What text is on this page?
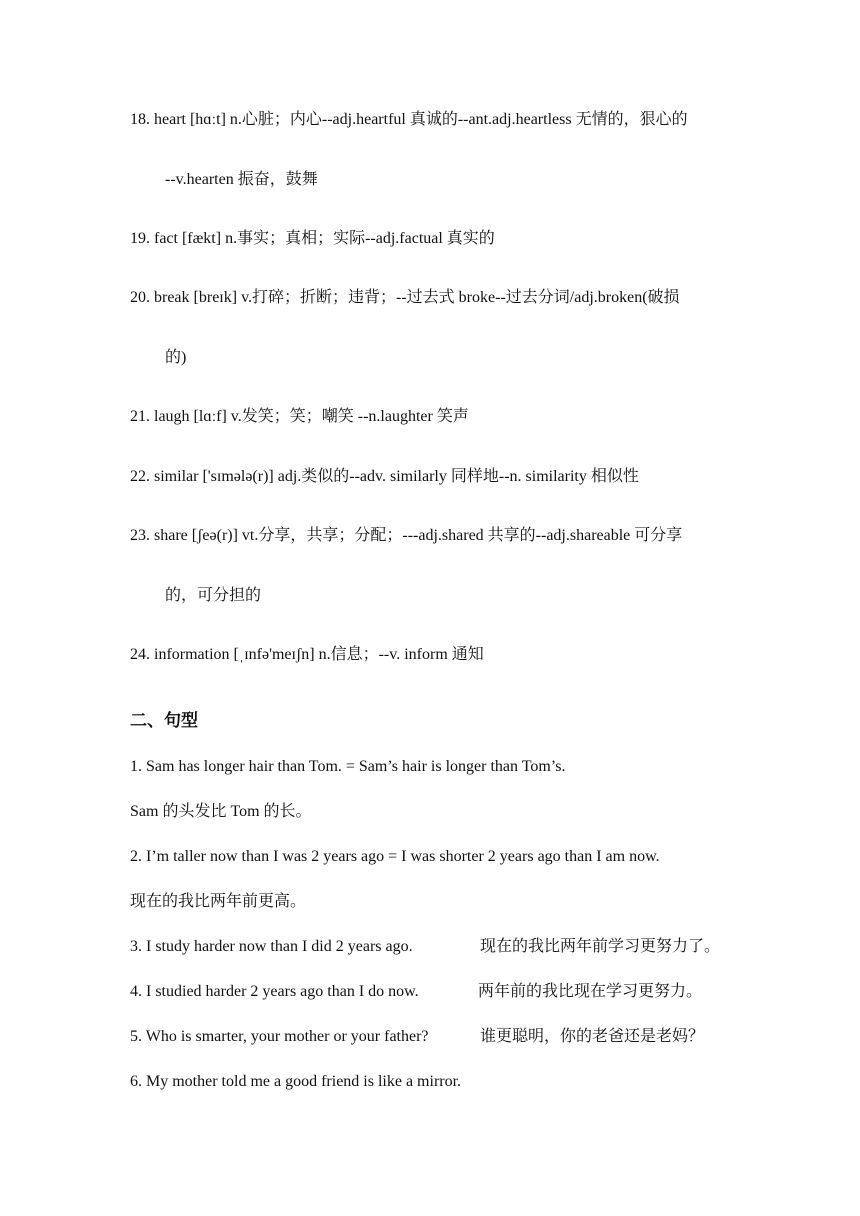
18. heart [hɑːt] n.心脏；内心--adj.heartful 真诚的--ant.adj.heartless 无情的，狠心的
--v.hearten 振奋，鼓舞
19. fact [fækt] n.事实；真相；实际--adj.factual 真实的
20. break [breɪk] v.打碎；折断；违背；--过去式 broke--过去分词/adj.broken(破损
的)
21. laugh [lɑːf] v.发笑；笑；嘲笑 --n.laughter 笑声
22. similar ['sɪmələ(r)] adj.类似的--adv. similarly 同样地--n. similarity 相似性
23. share [ʃeə(r)] vt.分享，共享；分配；---adj.shared 共享的--adj.shareable 可分享
的，可分担的
24. information [ˌɪnfə'meɪʃn] n.信息；--v. inform 通知
二、句型
1. Sam has longer hair than Tom. = Sam’s hair is longer than Tom’s.
Sam 的头发比 Tom 的长。
2. I’m taller now than I was 2 years ago = I was shorter 2 years ago than I am now.
现在的我比两年前更高。
3. I study harder now than I did 2 years ago.	现在的我比两年前学习更努力了。
4. I studied harder 2 years ago than I do now.	两年前的我比现在学习更努力。
5. Who is smarter, your mother or your father?	谁更聪明，你的老爸还是老妈？
6. My mother told me a good friend is like a mirror.
